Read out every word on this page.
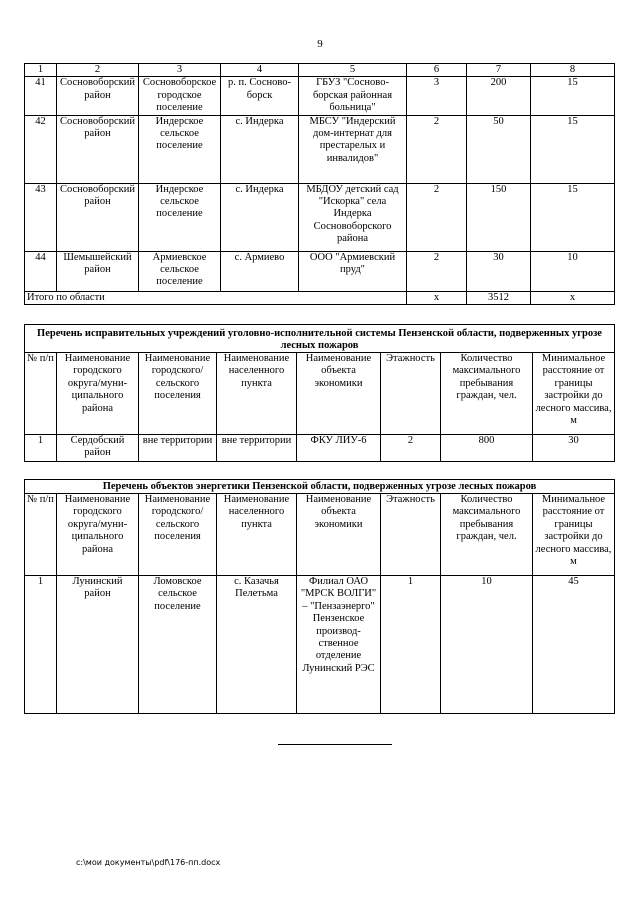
9
1	2	3	4	5	6	7	8
41	Сосновоборский район	Сосновоборское городское поселение	р. п. Сосново-борск	ГБУЗ "Сосново-борская районная больница"	3	200	15
42	Сосновоборский район	Индерское сельское поселение	с. Индерка	МБСУ "Индерский дом-интернат для престарелых и инвалидов"	2	50	15
43	Сосновоборский район	Индерское сельское поселение	с. Индерка	МБДОУ детский сад "Искорка" села Индерка Сосновоборского района	2	150	15
44	Шемышейский район	Армиевское сельское поселение	с. Армиево	ООО "Армиевский пруд"	2	30	10
Итого по области					х	3512	х
Перечень исправительных учреждений уголовно-исполнительной системы Пензенской области, подверженных угрозе лесных пожаров							
№ п/п	Наименование городского округа/муни-ципального района	Наименование городского/ сельского поселения	Наименование населенного пункта	Наименование объекта экономики	Этажность	Количество максимального пребывания граждан, чел.	Минимальное расстояние от границы застройки до лесного массива, м
1	Сердобский район	вне территории	вне территории	ФКУ ЛИУ-6	2	800	30
Перечень объектов энергетики Пензенской области, подверженных угрозе лесных пожаров							
№ п/п	Наименование городского округа/муни-ципального района	Наименование городского/ сельского поселения	Наименование населенного пункта	Наименование объекта экономики	Этажность	Количество максимального пребывания граждан, чел.	Минимальное расстояние от границы застройки до лесного массива, м
1	Лунинский район	Ломовское сельское поселение	с. Казачья Пелетьма	Филиал ОАО "МРСК ВОЛГИ" – "Пензаэнерго" Пензенское производ-ственное отделение Лунинский РЭС	1	10	45
c:\мои документы\pdf\176-пп.docx
